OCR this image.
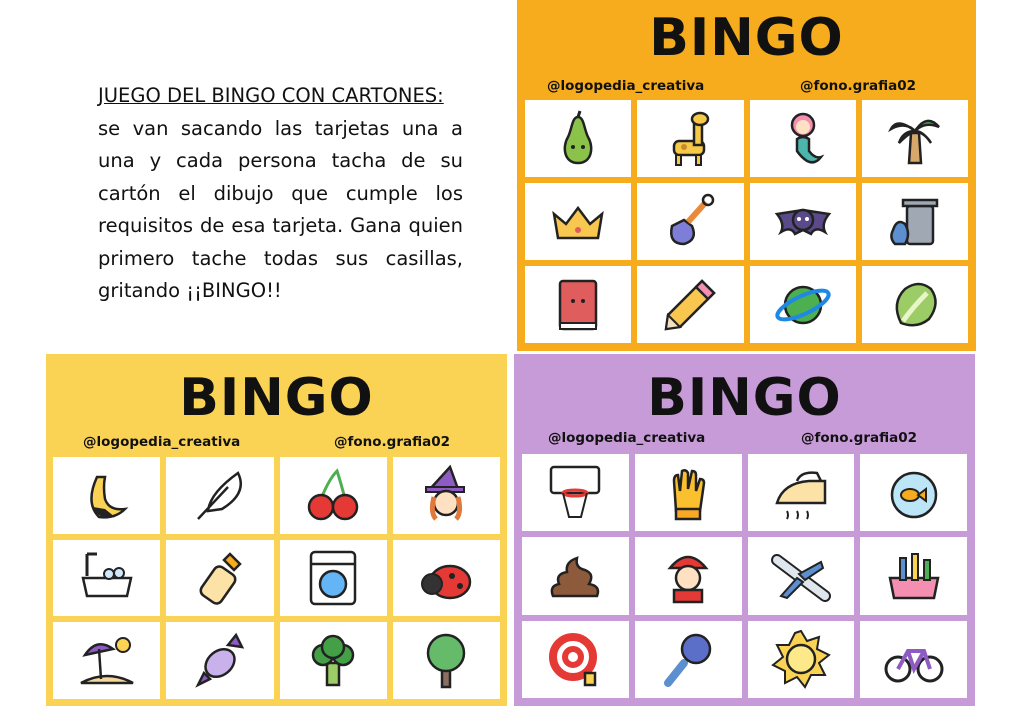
JUEGO DEL BINGO CON CARTONES:
se van sacando las tarjetas una a una y cada persona tacha de su cartón el dibujo que cumple los requisitos de esa tarjeta. Gana quien primero tache todas sus casillas, gritando ¡¡BINGO!!
BINGO
@logopedia_creativa	@fono.grafia02
BINGO
@logopedia_creativa	@fono.grafia02
BINGO
@logopedia_creativa	@fono.grafia02
